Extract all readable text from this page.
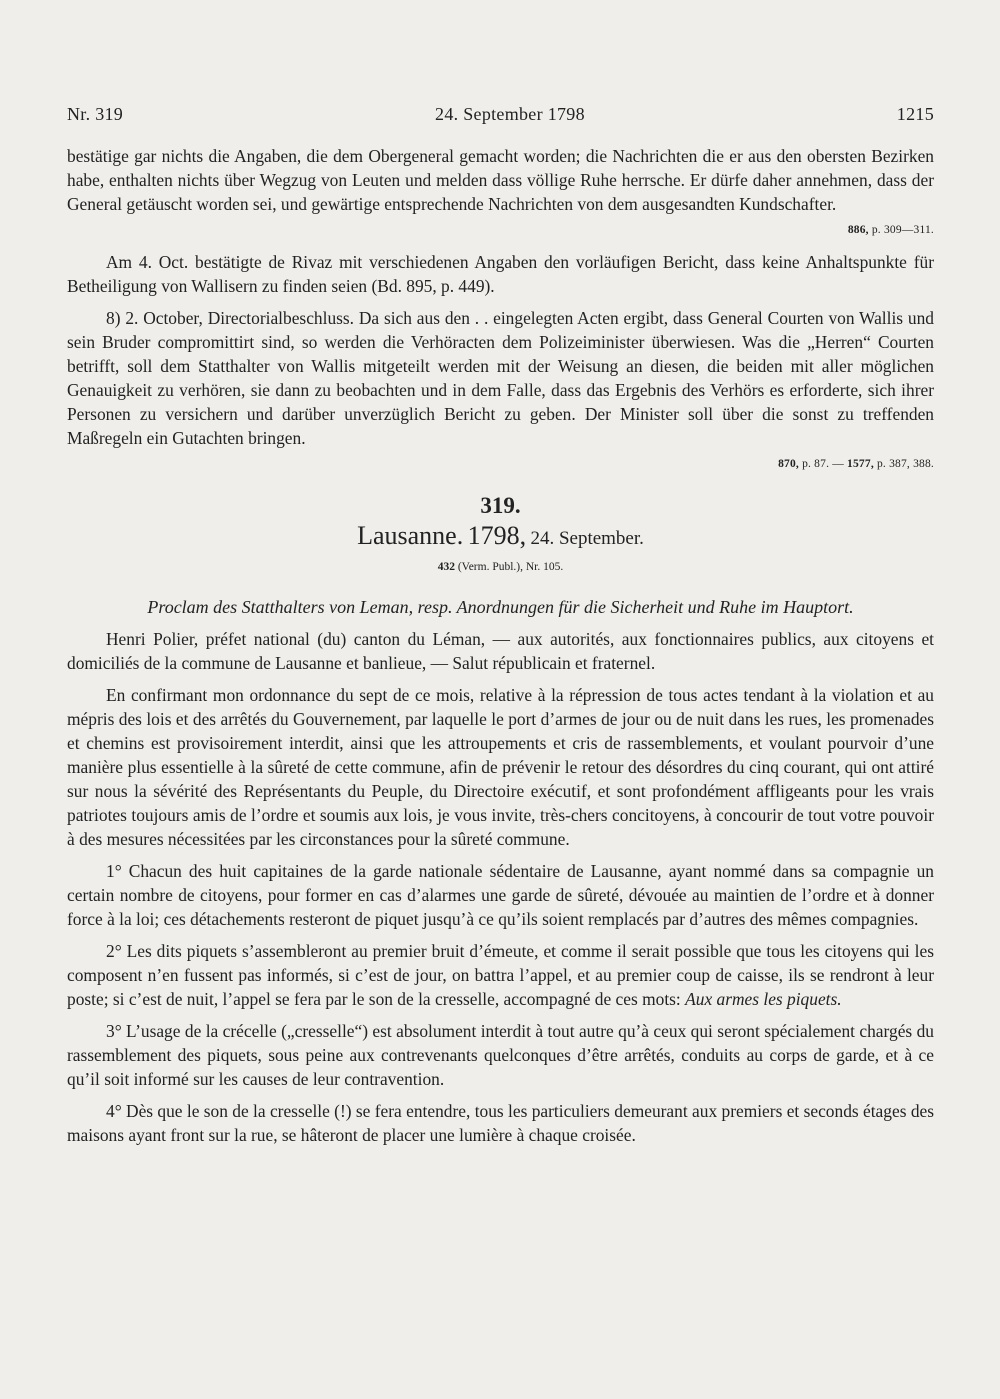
Nr. 319	24. September 1798	1215

bestätige gar nichts die Angaben, die dem Obergeneral gemacht worden; die Nachrichten die er aus den obersten Bezirken habe, enthalten nichts über Wegzug von Leuten und melden dass völlige Ruhe herrsche. Er dürfe daher annehmen, dass der General getäuscht worden sei, und gewärtige entsprechende Nachrichten von dem ausgesandten Kundschafter.

886, p. 309—311.

Am 4. Oct. bestätigte de Rivaz mit verschiedenen Angaben den vorläufigen Bericht, dass keine Anhaltspunkte für Betheiligung von Wallisern zu finden seien (Bd. 895, p. 449).

8) 2. October, Directorialbeschluss. Da sich aus den . . eingelegten Acten ergibt, dass General Courten von Wallis und sein Bruder compromittirt sind, so werden die Verhöracten dem Polizeiminister überwiesen. Was die „Herren“ Courten betrifft, soll dem Statthalter von Wallis mitgeteilt werden mit der Weisung an diesen, die beiden mit aller möglichen Genauigkeit zu verhören, sie dann zu beobachten und in dem Falle, dass das Ergebnis des Verhörs es erforderte, sich ihrer Personen zu versichern und darüber unverzüglich Bericht zu geben. Der Minister soll über die sonst zu treffenden Maßregeln ein Gutachten bringen.

870, p. 87. — 1577, p. 387, 388.
319.
Lausanne. 1798, 24. September.
432 (Verm. Publ.), Nr. 105.
Proclam des Statthalters von Leman, resp. Anordnungen für die Sicherheit und Ruhe im Hauptort.

Henri Polier, préfet national (du) canton du Léman, — aux autorités, aux fonctionnaires publics, aux citoyens et domiciliés de la commune de Lausanne et banlieue, — Salut républicain et fraternel.

En confirmant mon ordonnance du sept de ce mois, relative à la répression de tous actes tendant à la violation et au mépris des lois et des arrêtés du Gouvernement, par laquelle le port d’armes de jour ou de nuit dans les rues, les promenades et chemins est provisoirement interdit, ainsi que les attroupements et cris de rassemblements, et voulant pourvoir d’une manière plus essentielle à la sûreté de cette commune, afin de prévenir le retour des désordres du cinq courant, qui ont attiré sur nous la sévérité des Représentants du Peuple, du Directoire exécutif, et sont profondément affligeants pour les vrais patriotes toujours amis de l’ordre et soumis aux lois, je vous invite, très-chers concitoyens, à concourir de tout votre pouvoir à des mesures nécessitées par les circonstances pour la sûreté commune.

1° Chacun des huit capitaines de la garde nationale sédentaire de Lausanne, ayant nommé dans sa compagnie un certain nombre de citoyens, pour former en cas d’alarmes une garde de sûreté, dévouée au maintien de l’ordre et à donner force à la loi; ces détachements resteront de piquet jusqu’à ce qu’ils soient remplacés par d’autres des mêmes compagnies.

2° Les dits piquets s’assembleront au premier bruit d’émeute, et comme il serait possible que tous les citoyens qui les composent n’en fussent pas informés, si c’est de jour, on battra l’appel, et au premier coup de caisse, ils se rendront à leur poste; si c’est de nuit, l’appel se fera par le son de la cresselle, accompagné de ces mots: Aux armes les piquets.

3° L’usage de la crécelle („cresselle“) est absolument interdit à tout autre qu’à ceux qui seront spécialement chargés du rassemblement des piquets, sous peine aux contrevenants quelconques d’être arrêtés, conduits au corps de garde, et à ce qu’il soit informé sur les causes de leur contravention.

4° Dès que le son de la cresselle (!) se fera entendre, tous les particuliers demeurant aux premiers et seconds étages des maisons ayant front sur la rue, se hâteront de placer une lumière à chaque croisée.
